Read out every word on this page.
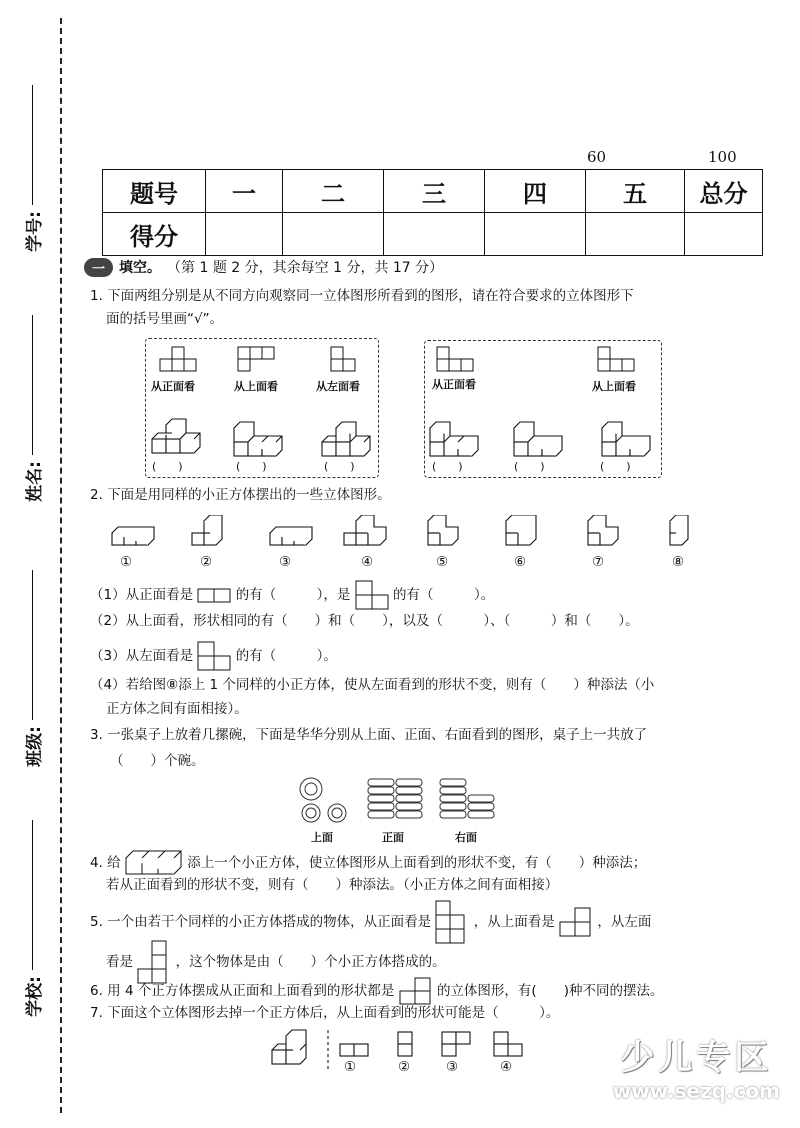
学号:
姓名:
班级:
学校:
60	100
题号	一	二	三	四	五	总分
得分						
一	填空。 （第 1 题 2 分，其余每空 1 分，共 17 分）
1. 下面两组分别是从不同方向观察同一立体图形所看到的图形，请在符合要求的立体图形下
面的括号里画“√”。
从正面看	从上面看	从左面看
(　　)	(　　)	(　　)
从正面看	从上面看
(　　)	(　　)	(　　)
2. 下面是用同样的小正方体摆出的一些立体图形。
①	②	③	④	⑤	⑥	⑦	⑧
（1）从正面看是	的有（　　　），是	的有（　　　）。
（2）从上面看，形状相同的有（　　）和（　　），以及（　　　）、（　　　）和（　　）。
（3）从左面看是	的有（　　　）。
（4）若给图⑧添上 1 个同样的小正方体，使从左面看到的形状不变，则有（　　）种添法（小
正方体之间有面相接）。
3. 一张桌子上放着几摞碗，下面是华华分别从上面、正面、右面看到的图形，桌子上一共放了
（　　）个碗。
上面	正面	右面
4. 给	添上一个小正方体，使立体图形从上面看到的形状不变，有（　　）种添法；
若从正面看到的形状不变，则有（　　）种添法。（小正方体之间有面相接）
5. 一个由若干个同样的小正方体搭成的物体，从正面看是	，从上面看是	，从左面
看是	，这个物体是由（　　）个小正方体搭成的。
6. 用 4 个正方体摆成从正面和上面看到的形状都是	的立体图形，有(　　)种不同的摆法。
7. 下面这个立体图形去掉一个正方体后，从上面看到的形状可能是（　　　）。
①	②	③	④	少儿专区
www.sezq.com
